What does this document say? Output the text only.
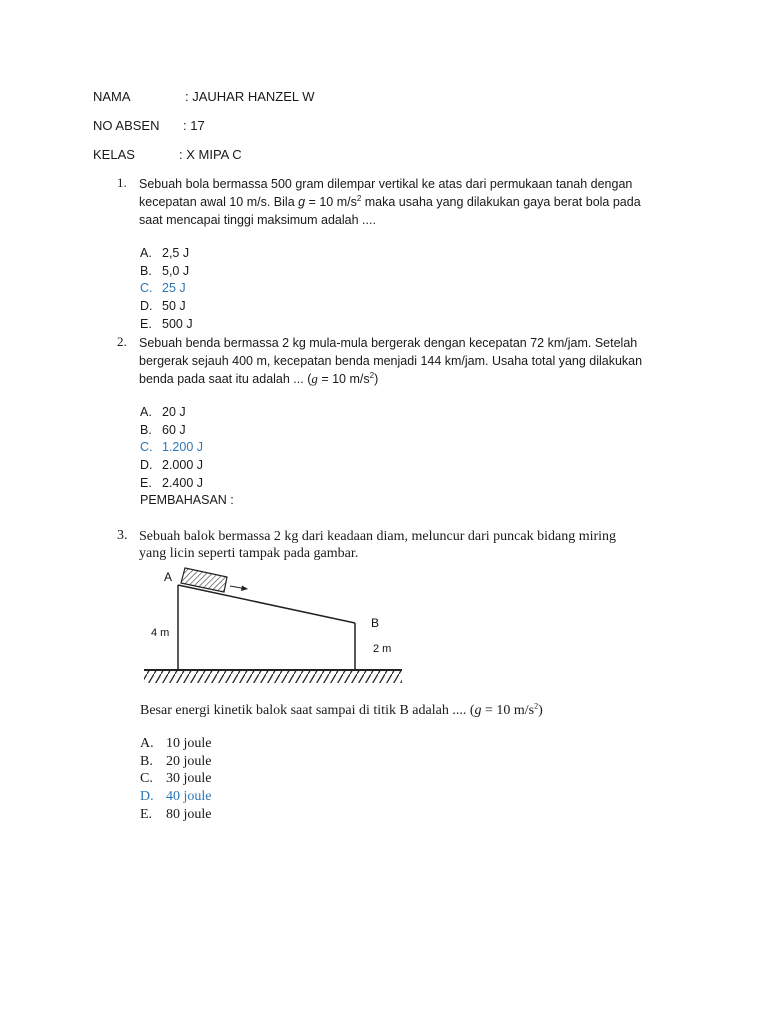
NAMA	: JAUHAR HANZEL W
NO ABSEN : 17
KELAS	: X MIPA C
1. Sebuah bola bermassa 500 gram dilempar vertikal ke atas dari permukaan tanah dengan
kecepatan awal 10 m/s. Bila g = 10 $m/s^2$ maka usaha yang dilakukan gaya berat bola pada
saat mencapai tinggi maksimum adalah ....
A. 2,5 J
B. 5,0 J
C. 25 J
D. 50 J
E. 500 J
2. Sebuah benda bermassa 2 kg mula-mula bergerak dengan kecepatan 72 km/jam. Setelah
bergerak sejauh 400 m, kecepatan benda menjadi 144 km/jam. Usaha total yang dilakukan
benda pada saat itu adalah ... (g = 10 $m/s^2$)
A. 20 J
B. 60 J
C. 1.200 J
D. 2.000 J
E. 2.400 J
PEMBAHASAN :
3. Sebuah balok bermassa 2 kg dari keadaan diam, meluncur dari puncak bidang miring
yang licin seperti tampak pada gambar.
A
B
4 m
2 m
Besar energi kinetik balok saat sampai di titik B adalah .... (g = 10 $m/s^2$)
A. 10 joule
B. 20 joule
C. 30 joule
D. 40 joule
E. 80 joule
